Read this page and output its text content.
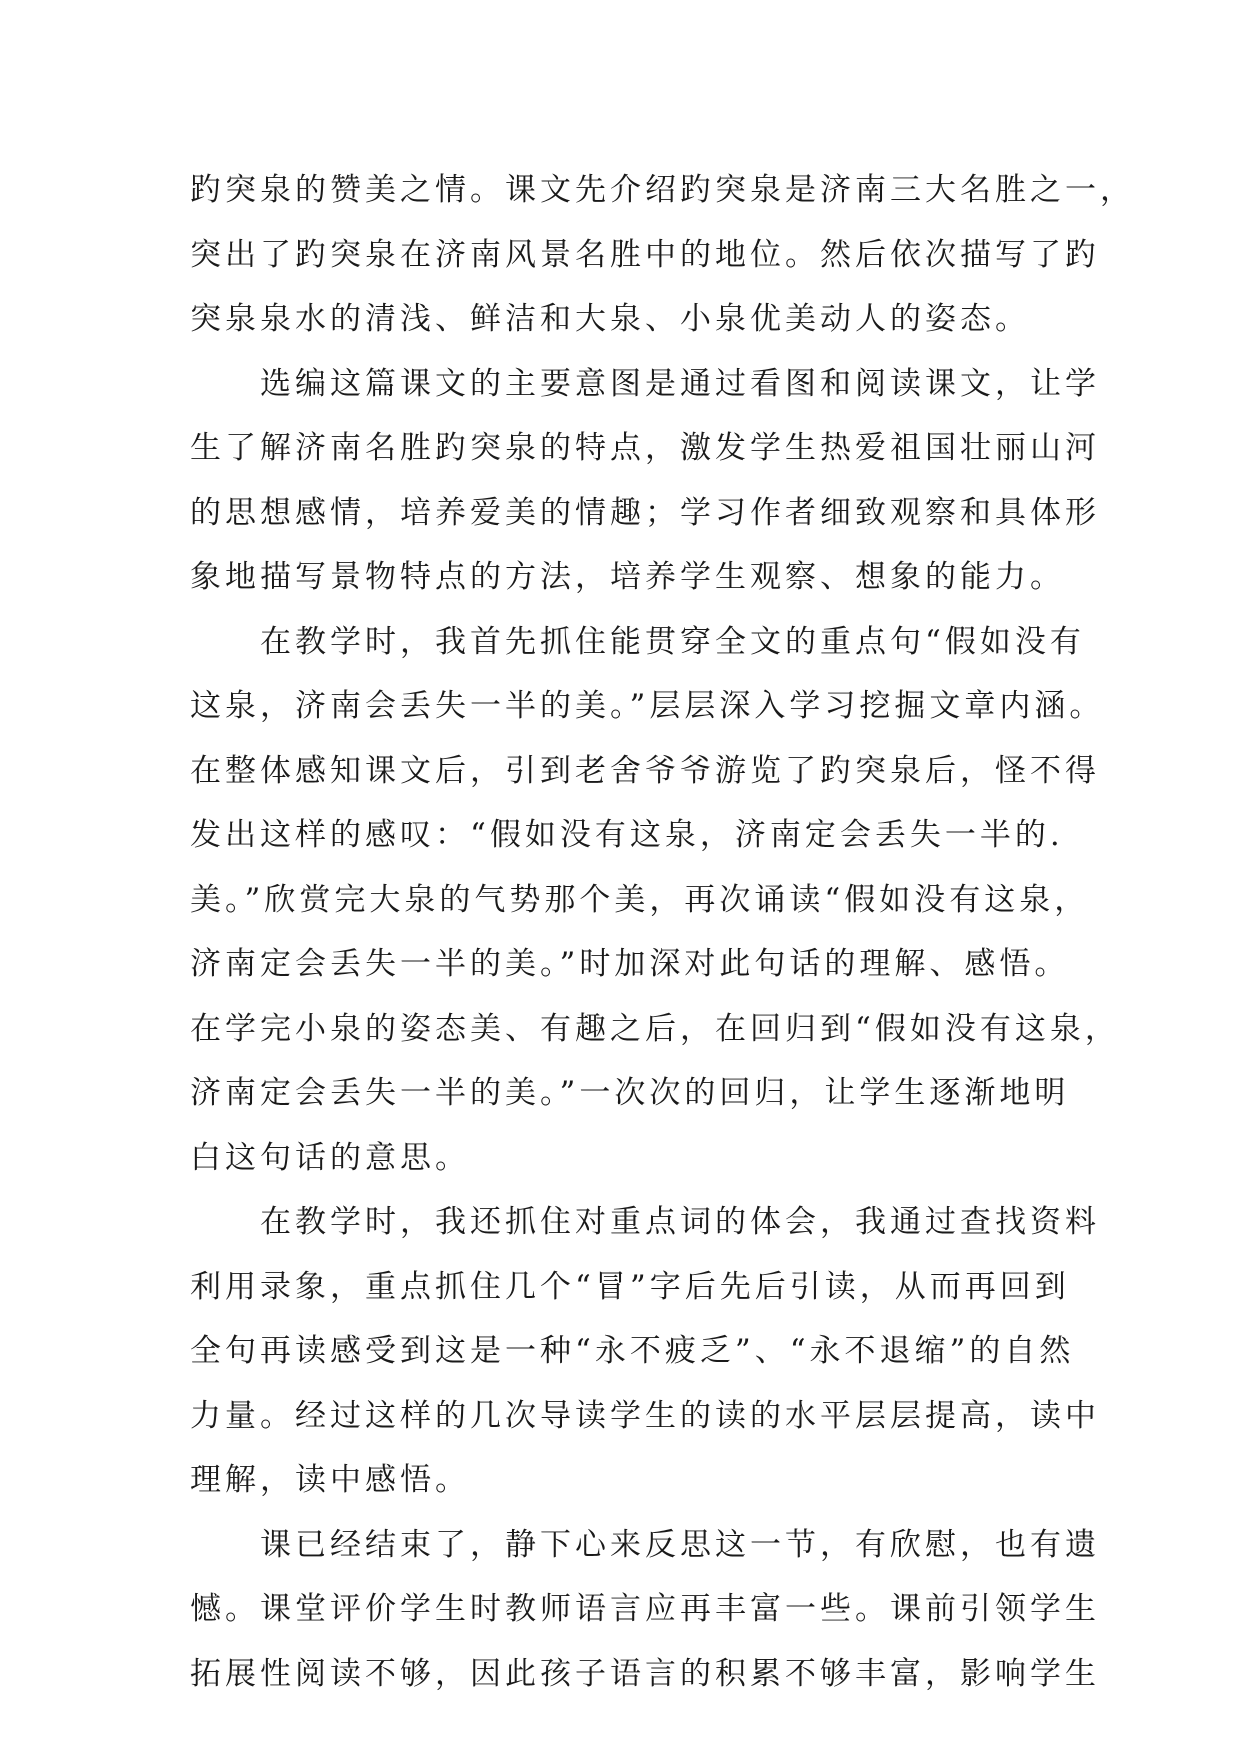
趵突泉的赞美之情。课文先介绍趵突泉是济南三大名胜之一，
突出了趵突泉在济南风景名胜中的地位。然后依次描写了趵
突泉泉水的清浅、鲜洁和大泉、小泉优美动人的姿态。
选编这篇课文的主要意图是通过看图和阅读课文，让学
生了解济南名胜趵突泉的特点，激发学生热爱祖国壮丽山河
的思想感情，培养爱美的情趣；学习作者细致观察和具体形
象地描写景物特点的方法，培养学生观察、想象的能力。
在教学时，我首先抓住能贯穿全文的重点句“假如没有
这泉，济南会丢失一半的美。”层层深入学习挖掘文章内涵。
在整体感知课文后，引到老舍爷爷游览了趵突泉后，怪不得
发出这样的感叹：“假如没有这泉，济南定会丢失一半的.
美。”欣赏完大泉的气势那个美，再次诵读“假如没有这泉，
济南定会丢失一半的美。”时加深对此句话的理解、感悟。
在学完小泉的姿态美、有趣之后，在回归到“假如没有这泉，
济南定会丢失一半的美。”一次次的回归，让学生逐渐地明
白这句话的意思。
在教学时，我还抓住对重点词的体会，我通过查找资料
利用录象，重点抓住几个“冒”字后先后引读，从而再回到
全句再读感受到这是一种“永不疲乏”、“永不退缩”的自然
力量。经过这样的几次导读学生的读的水平层层提高，读中
理解，读中感悟。
课已经结束了，静下心来反思这一节，有欣慰，也有遗
憾。课堂评价学生时教师语言应再丰富一些。课前引领学生
拓展性阅读不够，因此孩子语言的积累不够丰富，影响学生
